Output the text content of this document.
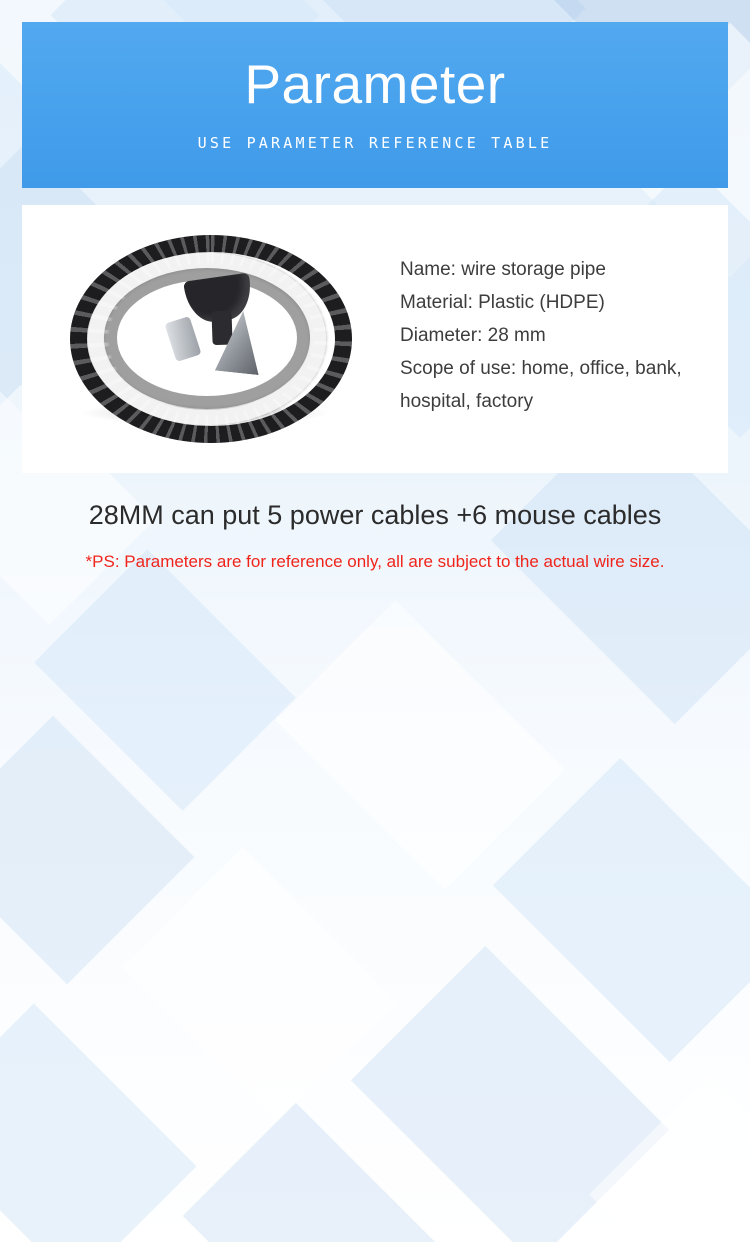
Parameter
USE PARAMETER REFERENCE TABLE
Name: wire storage pipe
Material: Plastic (HDPE)
Diameter: 28 mm
Scope of use: home, office, bank, hospital, factory
28MM can put 5 power cables +6 mouse cables
*PS: Parameters are for reference only, all are subject to the actual wire size.
